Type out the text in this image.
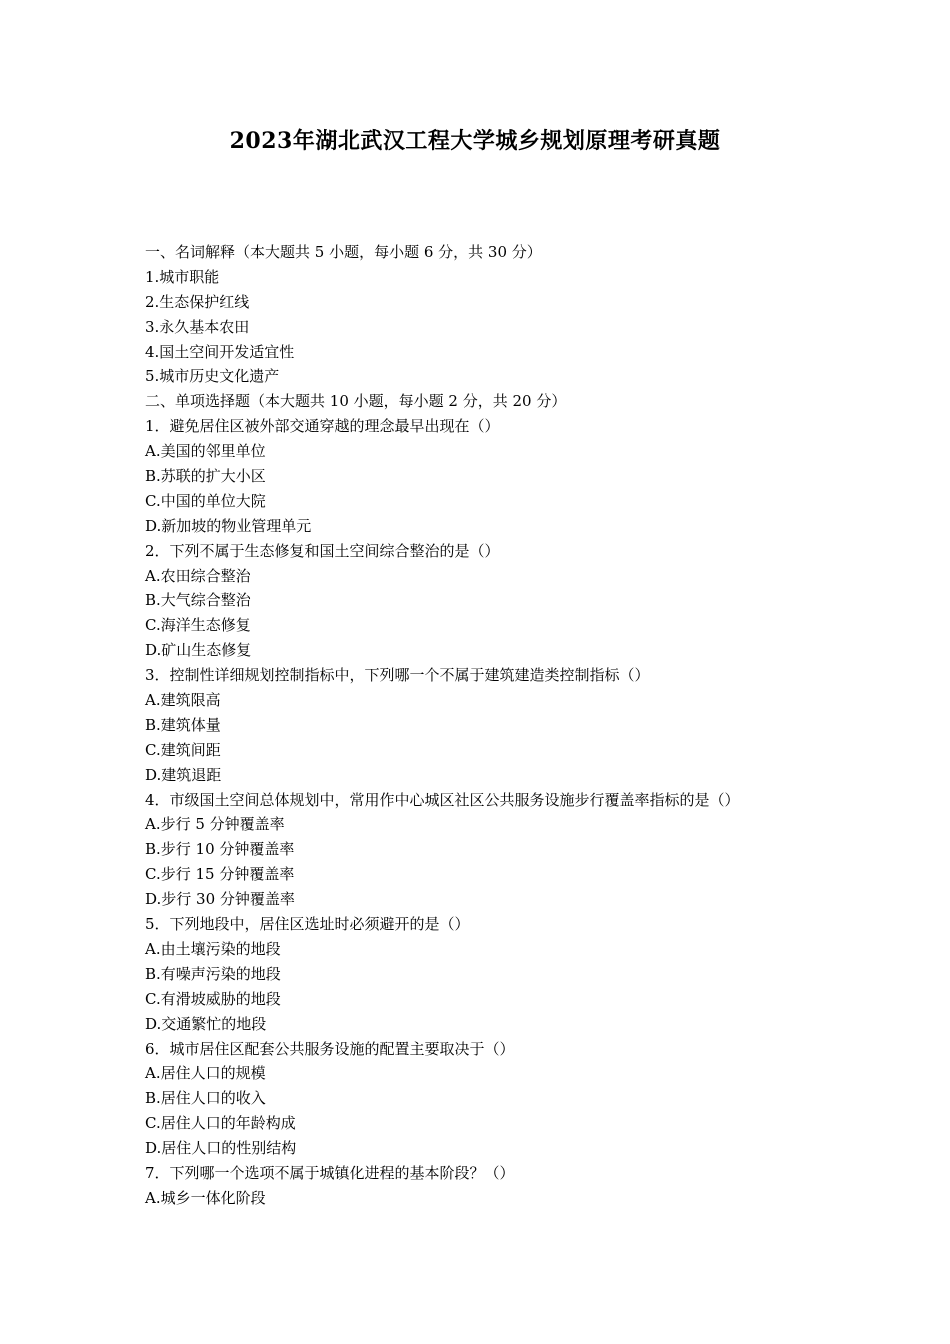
2023年湖北武汉工程大学城乡规划原理考研真题
一、名词解释（本大题共 5 小题，每小题 6 分，共 30 分）
1.城市职能
2.生态保护红线
3.永久基本农田
4.国土空间开发适宜性
5.城市历史文化遗产
二、单项选择题（本大题共 10 小题，每小题 2 分，共 20 分）
1．避免居住区被外部交通穿越的理念最早出现在（）
A.美国的邻里单位
B.苏联的扩大小区
C.中国的单位大院
D.新加坡的物业管理单元
2．下列不属于生态修复和国土空间综合整治的是（）
A.农田综合整治
B.大气综合整治
C.海洋生态修复
D.矿山生态修复
3．控制性详细规划控制指标中，下列哪一个不属于建筑建造类控制指标（）
A.建筑限高
B.建筑体量
C.建筑间距
D.建筑退距
4．市级国土空间总体规划中，常用作中心城区社区公共服务设施步行覆盖率指标的是（）
A.步行 5 分钟覆盖率
B.步行 10 分钟覆盖率
C.步行 15 分钟覆盖率
D.步行 30 分钟覆盖率
5．下列地段中，居住区选址时必须避开的是（）
A.由土壤污染的地段
B.有噪声污染的地段
C.有滑坡威胁的地段
D.交通繁忙的地段
6．城市居住区配套公共服务设施的配置主要取决于（）
A.居住人口的规模
B.居住人口的收入
C.居住人口的年龄构成
D.居住人口的性别结构
7．下列哪一个选项不属于城镇化进程的基本阶段？（）
A.城乡一体化阶段
